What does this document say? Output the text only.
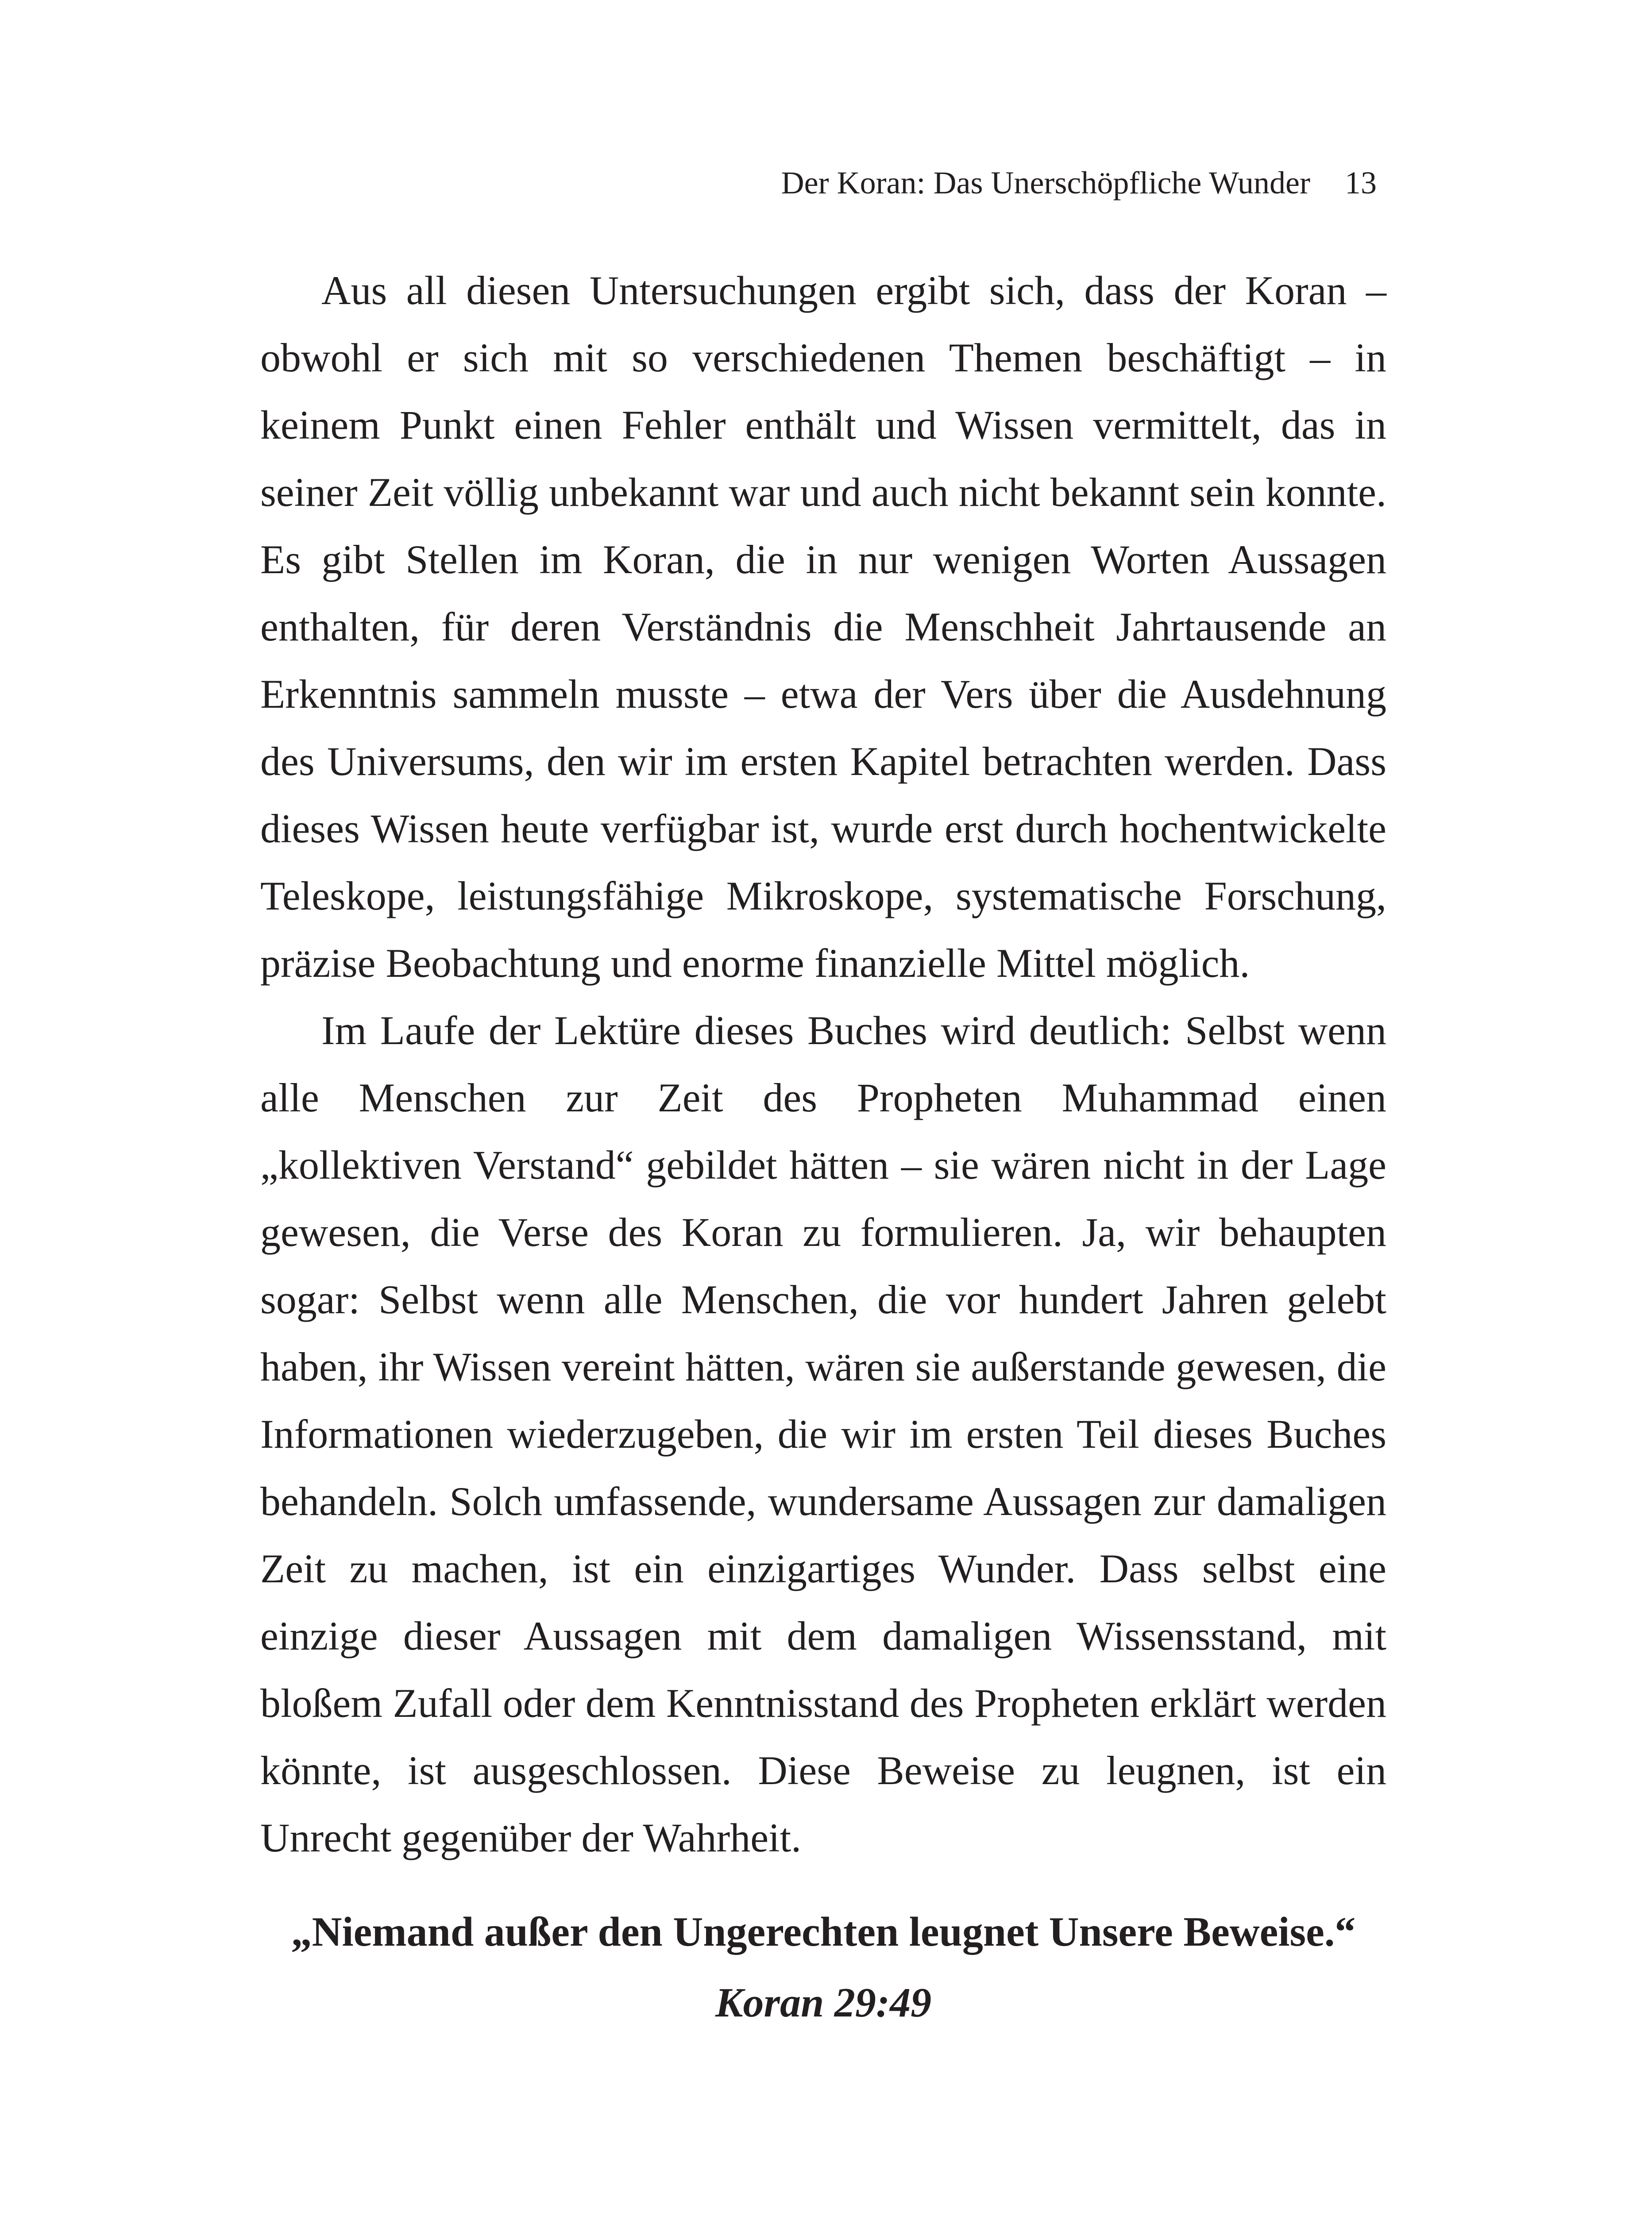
Der Koran: Das Unerschöpfliche Wunder 13

Aus all diesen Untersuchungen ergibt sich, dass der Koran – obwohl er sich mit so verschiedenen Themen beschäftigt – in keinem Punkt einen Fehler enthält und Wissen vermittelt, das in seiner Zeit völlig unbekannt war und auch nicht bekannt sein konnte. Es gibt Stellen im Koran, die in nur wenigen Worten Aussagen enthalten, für deren Verständnis die Menschheit Jahrtausende an Erkenntnis sammeln musste – etwa der Vers über die Ausdehnung des Universums, den wir im ersten Kapitel betrachten werden. Dass dieses Wissen heute verfügbar ist, wurde erst durch hochentwickelte Teleskope, leistungsfähige Mikroskope, systematische Forschung, präzise Beobachtung und enorme finanzielle Mittel möglich.

Im Laufe der Lektüre dieses Buches wird deutlich: Selbst wenn alle Menschen zur Zeit des Propheten Muhammad einen „kollektiven Verstand“ gebildet hätten – sie wären nicht in der Lage gewesen, die Verse des Koran zu formulieren. Ja, wir behaupten sogar: Selbst wenn alle Menschen, die vor hundert Jahren gelebt haben, ihr Wissen vereint hätten, wären sie außerstande gewesen, die Informationen wiederzugeben, die wir im ersten Teil dieses Buches behandeln. Solch umfassende, wundersame Aussagen zur damaligen Zeit zu machen, ist ein einzigartiges Wunder. Dass selbst eine einzige dieser Aussagen mit dem damaligen Wissensstand, mit bloßem Zufall oder dem Kenntnisstand des Propheten erklärt werden könnte, ist ausgeschlossen. Diese Beweise zu leugnen, ist ein Unrecht gegenüber der Wahrheit.

„Niemand außer den Ungerechten leugnet Unsere Beweise.“

Koran 29:49
